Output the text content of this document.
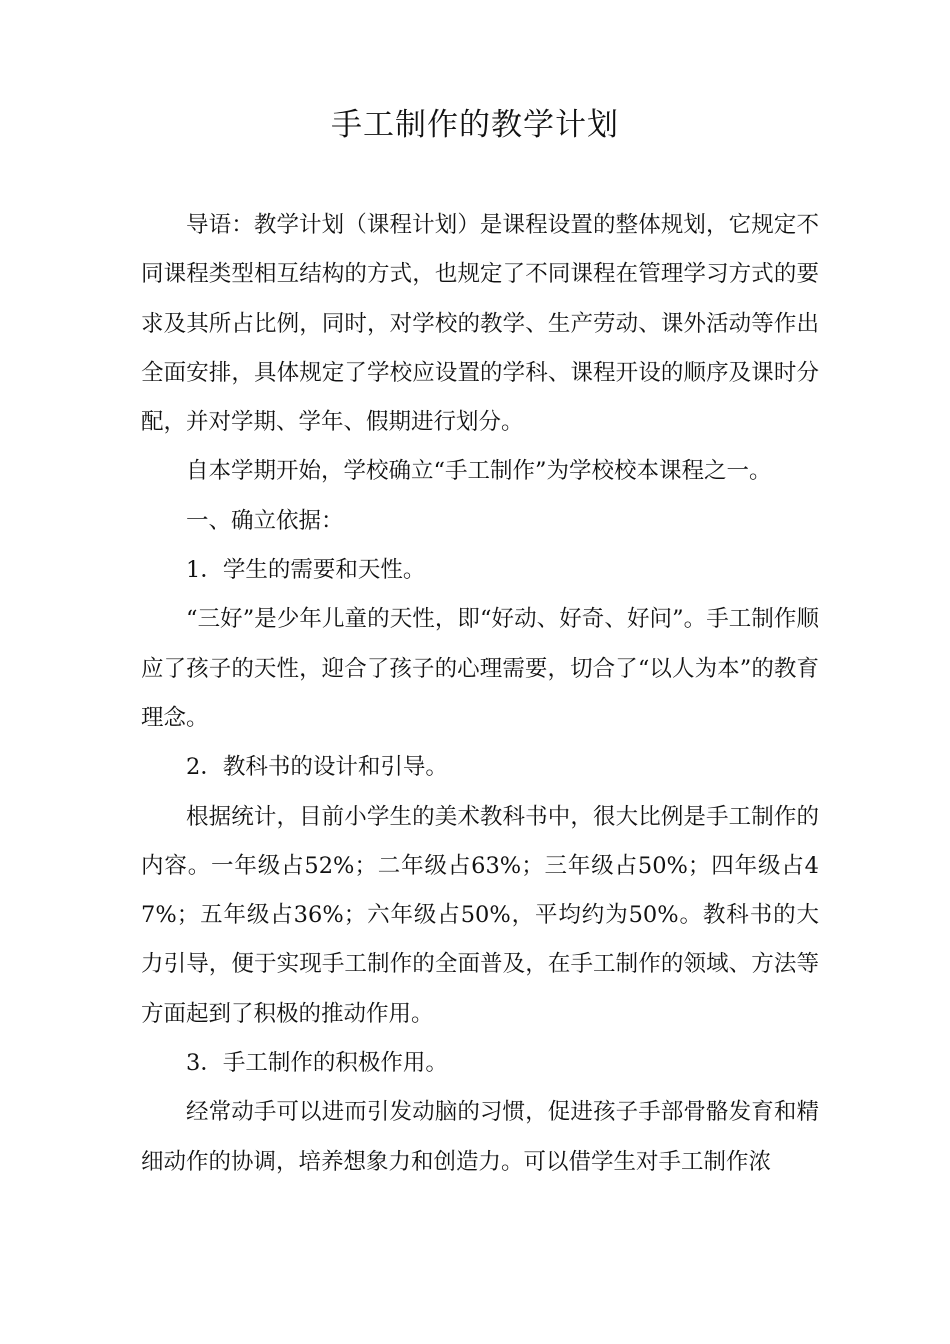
手工制作的教学计划

导语：教学计划（课程计划）是课程设置的整体规划，它规定不同课程类型相互结构的方式，也规定了不同课程在管理学习方式的要求及其所占比例，同时，对学校的教学、生产劳动、课外活动等作出全面安排，具体规定了学校应设置的学科、课程开设的顺序及课时分配，并对学期、学年、假期进行划分。

自本学期开始，学校确立“手工制作”为学校校本课程之一。

一、确立依据：

1．学生的需要和天性。

“三好”是少年儿童的天性，即“好动、好奇、好问”。手工制作顺应了孩子的天性，迎合了孩子的心理需要，切合了“以人为本”的教育理念。

2．教科书的设计和引导。

根据统计，目前小学生的美术教科书中，很大比例是手工制作的内容。一年级占52%；二年级占63%；三年级占50%；四年级占47%；五年级占36%；六年级占50%，平均约为50%。教科书的大力引导，便于实现手工制作的全面普及，在手工制作的领域、方法等方面起到了积极的推动作用。

3．手工制作的积极作用。

经常动手可以进而引发动脑的习惯，促进孩子手部骨骼发育和精细动作的协调，培养想象力和创造力。可以借学生对手工制作浓
